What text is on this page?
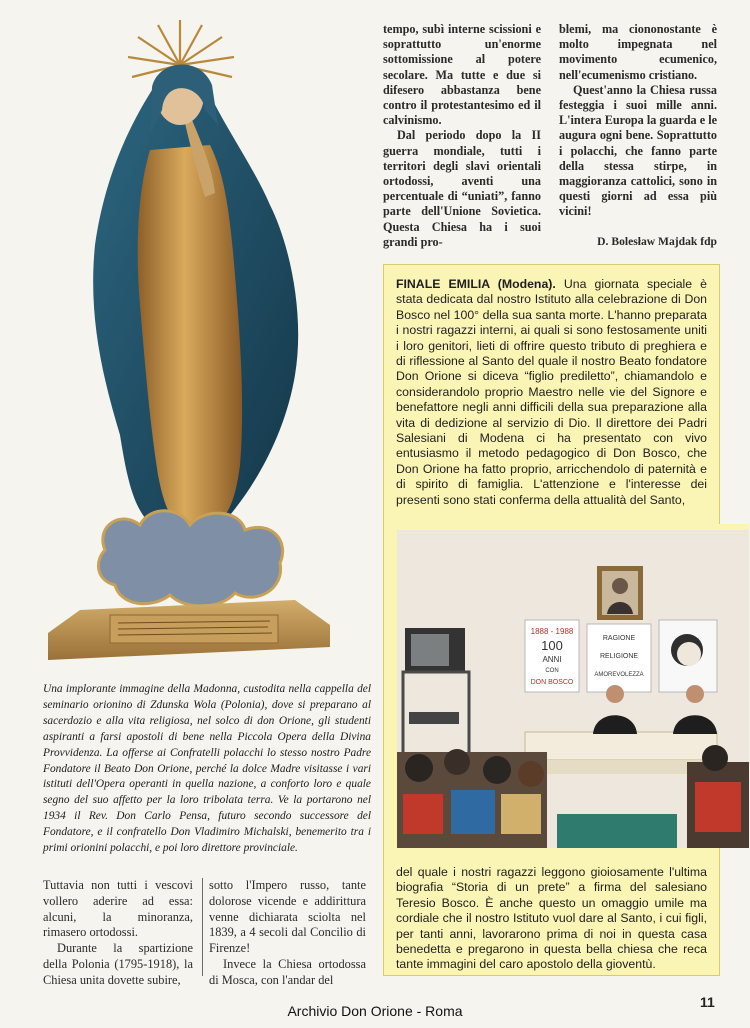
tempo, subì interne scissioni e soprattutto un'enorme sottomissione al potere secolare. Ma tutte e due si difesero abbastanza bene contro il protestantesimo ed il calvinismo.

Dal periodo dopo la II guerra mondiale, tutti i territori degli slavi orientali ortodossi, aventi una percentuale di “uniati”, fanno parte dell'Unione Sovietica. Questa Chiesa ha i suoi grandi pro-

blemi, ma ciononostante è molto impegnata nel movimento ecumenico, nell'ecumenismo cristiano.

Quest'anno la Chiesa russa festeggia i suoi mille anni. L'intera Europa la guarda e le augura ogni bene. Soprattutto i polacchi, che fanno parte della stessa stirpe, in maggioranza cattolici, sono in questi giorni ad essa più vicini!

D. Bolesław Majdak fdp

FINALE EMILIA (Modena). Una giornata speciale è stata dedicata dal nostro Istituto alla celebrazione di Don Bosco nel 100° della sua santa morte. L'hanno preparata i nostri ragazzi interni, ai quali si sono festosamente uniti i loro genitori, lieti di offrire questo tributo di preghiera e di riflessione al Santo del quale il nostro Beato fondatore Don Orione si diceva “figlio prediletto”, chiamandolo e considerandolo proprio Maestro nelle vie del Signore e benefattore negli anni difficili della sua preparazione alla vita di dedizione al servizio di Dio. Il direttore dei Padri Salesiani di Modena ci ha presentato con vivo entusiasmo il metodo pedagogico di Don Bosco, che Don Orione ha fatto proprio, arricchendolo di paternità e di spirito di famiglia. L'attenzione e l'interesse dei presenti sono stati conferma della attualità del Santo,
del quale i nostri ragazzi leggono gioiosamente l'ultima biografia “Storia di un prete” a firma del salesiano Teresio Bosco. È anche questo un omaggio umile ma cordiale che il nostro Istituto vuol dare al Santo, i cui figli, per tanti anni, lavorarono prima di noi in questa casa benedetta e pregarono in questa bella chiesa che reca tante immagini del caro apostolo della gioventù.
1888 - 1988
100
ANNI
CON
DON BOSCO
RAGIONE
RELIGIONE
AMOREVOLEZZA
Una implorante immagine della Madonna, custodita nella cappella del seminario orionino di Zdunska Wola (Polonia), dove si preparano al sacerdozio e alla vita religiosa, nel solco di don Orione, gli studenti aspiranti a farsi apostoli di bene nella Piccola Opera della Divina Provvidenza. La offerse ai Confratelli polacchi lo stesso nostro Padre Fondatore il Beato Don Orione, perché la dolce Madre visitasse i vari istituti dell'Opera operanti in quella nazione, a conforto loro e quale segno del suo affetto per la loro tribolata terra. Ve la portarono nel 1934 il Rev. Don Carlo Pensa, futuro secondo successore del Fondatore, e il confratello Don Vladimiro Michalski, benemerito tra i primi orionini polacchi, e poi loro direttore provinciale.

Tuttavia non tutti i vescovi vollero aderire ad essa: alcuni, la minoranza, rimasero ortodossi.

Durante la spartizione della Polonia (1795-1918), la Chiesa unita dovette subire,

sotto l'Impero russo, tante dolorose vicende e addirittura venne dichiarata sciolta nel 1839, a 4 secoli dal Concilio di Firenze!

Invece la Chiesa ortodossa di Mosca, con l'andar del

Archivio Don Orione - Roma
11
